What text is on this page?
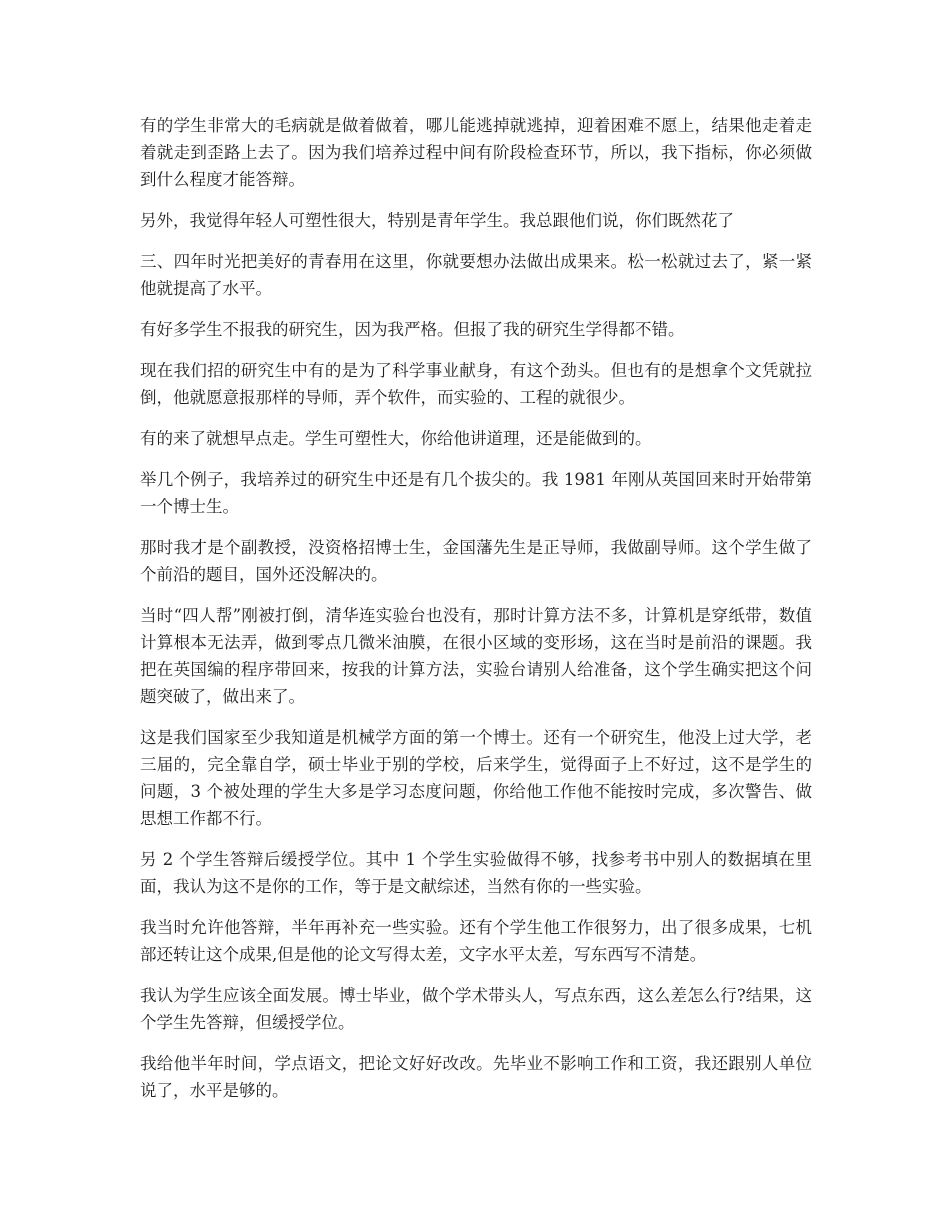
有的学生非常大的毛病就是做着做着，哪儿能逃掉就逃掉，迎着困难不愿上，结果他走着走着就走到歪路上去了。因为我们培养过程中间有阶段检查环节，所以，我下指标，你必须做到什么程度才能答辩。

另外，我觉得年轻人可塑性很大，特别是青年学生。我总跟他们说，你们既然花了

三、四年时光把美好的青春用在这里，你就要想办法做出成果来。松一松就过去了，紧一紧他就提高了水平。

有好多学生不报我的研究生，因为我严格。但报了我的研究生学得都不错。

现在我们招的研究生中有的是为了科学事业献身，有这个劲头。但也有的是想拿个文凭就拉倒，他就愿意报那样的导师，弄个软件，而实验的、工程的就很少。

有的来了就想早点走。学生可塑性大，你给他讲道理，还是能做到的。

举几个例子，我培养过的研究生中还是有几个拔尖的。我 1981 年刚从英国回来时开始带第一个博士生。

那时我才是个副教授，没资格招博士生，金国藩先生是正导师，我做副导师。这个学生做了个前沿的题目，国外还没解决的。

当时“四人帮”刚被打倒，清华连实验台也没有，那时计算方法不多，计算机是穿纸带，数值计算根本无法弄，做到零点几微米油膜，在很小区域的变形场，这在当时是前沿的课题。我把在英国编的程序带回来，按我的计算方法，实验台请别人给准备，这个学生确实把这个问题突破了，做出来了。

这是我们国家至少我知道是机械学方面的第一个博士。还有一个研究生，他没上过大学，老三届的，完全靠自学，硕士毕业于别的学校，后来学生，觉得面子上不好过，这不是学生的问题，3 个被处理的学生大多是学习态度问题，你给他工作他不能按时完成，多次警告、做思想工作都不行。

另 2 个学生答辩后缓授学位。其中 1 个学生实验做得不够，找参考书中别人的数据填在里面，我认为这不是你的工作，等于是文献综述，当然有你的一些实验。

我当时允许他答辩，半年再补充一些实验。还有个学生他工作很努力，出了很多成果，七机部还转让这个成果,但是他的论文写得太差，文字水平太差，写东西写不清楚。

我认为学生应该全面发展。博士毕业，做个学术带头人，写点东西，这么差怎么行?结果，这个学生先答辩，但缓授学位。

我给他半年时间，学点语文，把论文好好改改。先毕业不影响工作和工资，我还跟别人单位说了，水平是够的。
